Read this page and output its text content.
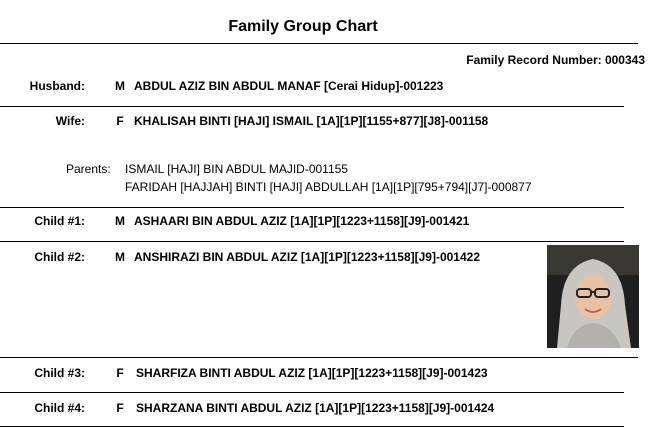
Family Group Chart
Family Record Number: 000343
Husband:	M ABDUL AZIZ BIN ABDUL MANAF [Cerai Hidup]-001223
Wife:	F KHALISAH BINTI [HAJI] ISMAIL [1A][1P][1155+877][J8]-001158
Parents: ISMAIL [HAJI] BIN ABDUL MAJID-001155
FARIDAH [HAJJAH] BINTI [HAJI] ABDULLAH [1A][1P][795+794][J7]-000877
Child #1:	M ASHAARI BIN ABDUL AZIZ [1A][1P][1223+1158][J9]-001421
Child #2:	M ANSHIRAZI BIN ABDUL AZIZ [1A][1P][1223+1158][J9]-001422
Child #3:	F SHARFIZA BINTI ABDUL AZIZ [1A][1P][1223+1158][J9]-001423
Child #4:	F SHARZANA BINTI ABDUL AZIZ [1A][1P][1223+1158][J9]-001424
